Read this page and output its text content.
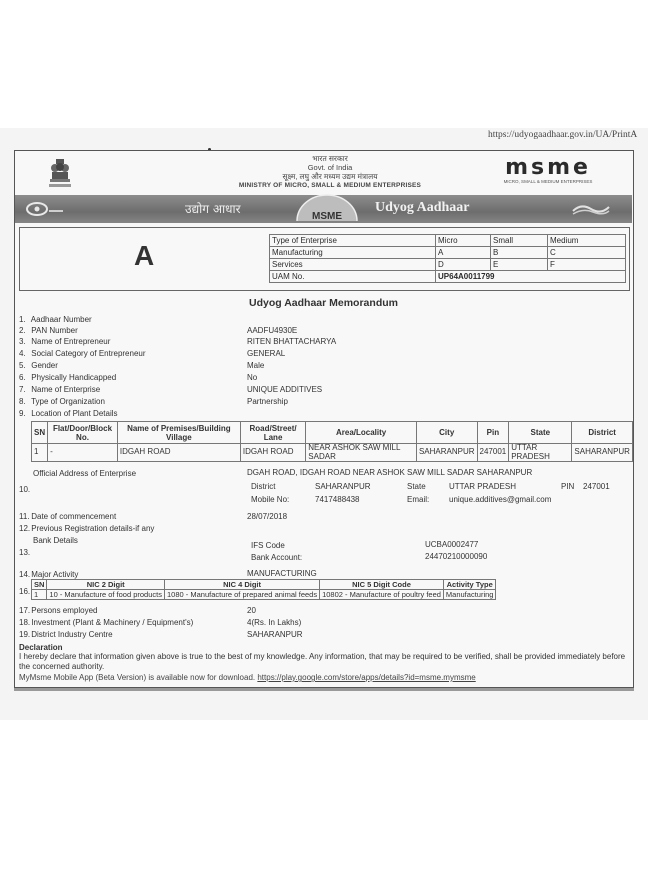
https://udyogaadhaar.gov.in/UA/PrintA
भारत सरकार
Govt. of India
सूक्ष्म, लघु और मध्यम उद्यम मंत्रालय
MINISTRY OF MICRO, SMALL & MEDIUM ENTERPRISES
msme
MICRO, SMALL & MEDIUM ENTERPRISES
उद्योग आधार
MSME
Udyog Aadhaar
A	Type of Enterprise	Micro	Small	Medium
Manufacturing	A	B	C
Services	D	E	F
UAM No.	UP64A0011799		
Udyog Aadhaar Memorandum
1. Aadhaar Number
2. PAN Number	AADFU4930E
3. Name of Entrepreneur	RITEN BHATTACHARYA
4. Social Category of Entrepreneur	GENERAL
5. Gender	Male
6. Physically Handicapped	No
7. Name of Enterprise	UNIQUE ADDITIVES
8. Type of Organization	Partnership
9. Location of Plant Details
SN	Flat/Door/Block No.	Name of Premises/Building Village	Road/Street/ Lane	Area/Locality	City	Pin	State	District
1	-	IDGAH ROAD	IDGAH ROAD	NEAR ASHOK SAW MILL SADAR	SAHARANPUR	247001	UTTAR PRADESH	SAHARANPUR
Official Address of Enterprise
10.
DGAH ROAD, IDGAH ROAD NEAR ASHOK SAW MILL SADAR SAHARANPUR
District	SAHARANPUR	State	UTTAR PRADESH	PIN 247001
Mobile No:	7417488438	Email: unique.additives@gmail.com
11. Date of commencement	28/07/2018
12. Previous Registration details-if any
Bank Details
13.
IFS Code	UCBA0002477
Bank Account:	24470210000090
14. Major Activity	MANUFACTURING
16.
SN	NIC 2 Digit	NIC 4 Digit	NIC 5 Digit Code	Activity Type
1	10 - Manufacture of food products	1080 - Manufacture of prepared animal feeds	10802 - Manufacture of poultry feed	Manufacturing
17. Persons employed	20
18. Investment (Plant & Machinery / Equipment's)	4(Rs. In Lakhs)
19. District Industry Centre	SAHARANPUR
Declaration
I hereby declare that information given above is true to the best of my knowledge. Any information, that may be required to be verified, shall be provided immediately before the concerned authority.
MyMsme Mobile App (Beta Version) is available now for download. https://play.google.com/store/apps/details?id=msme.mymsme
